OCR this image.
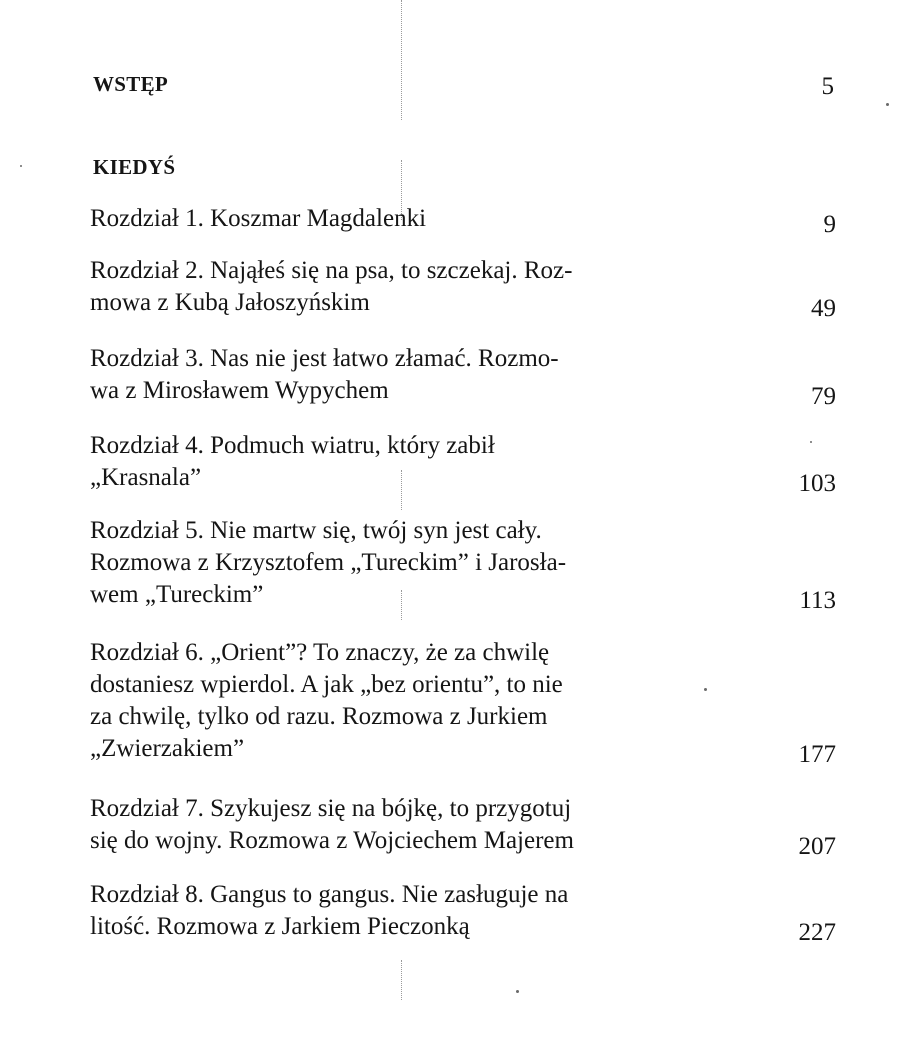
WSTĘP	5
KIEDYŚ
Rozdział 1. Koszmar Magdalenki	9
Rozdział 2. Nająłeś się na psa, to szczekaj. Roz-
mowa z Kubą Jałoszyńskim	49
Rozdział 3. Nas nie jest łatwo złamać. Rozmo-
wa z Mirosławem Wypychem	79
Rozdział 4. Podmuch wiatru, który zabił
„Krasnala”	103
Rozdział 5. Nie martw się, twój syn jest cały.
Rozmowa z Krzysztofem „Tureckim” i Jarosła-
wem „Tureckim”	113
Rozdział 6. „Orient”? To znaczy, że za chwilę
dostaniesz wpierdol. A jak „bez orientu”, to nie
za chwilę, tylko od razu. Rozmowa z Jurkiem
„Zwierzakiem”	177
Rozdział 7. Szykujesz się na bójkę, to przygotuj
się do wojny. Rozmowa z Wojciechem Majerem	207
Rozdział 8. Gangus to gangus. Nie zasługuje na
litość. Rozmowa z Jarkiem Pieczonką	227
